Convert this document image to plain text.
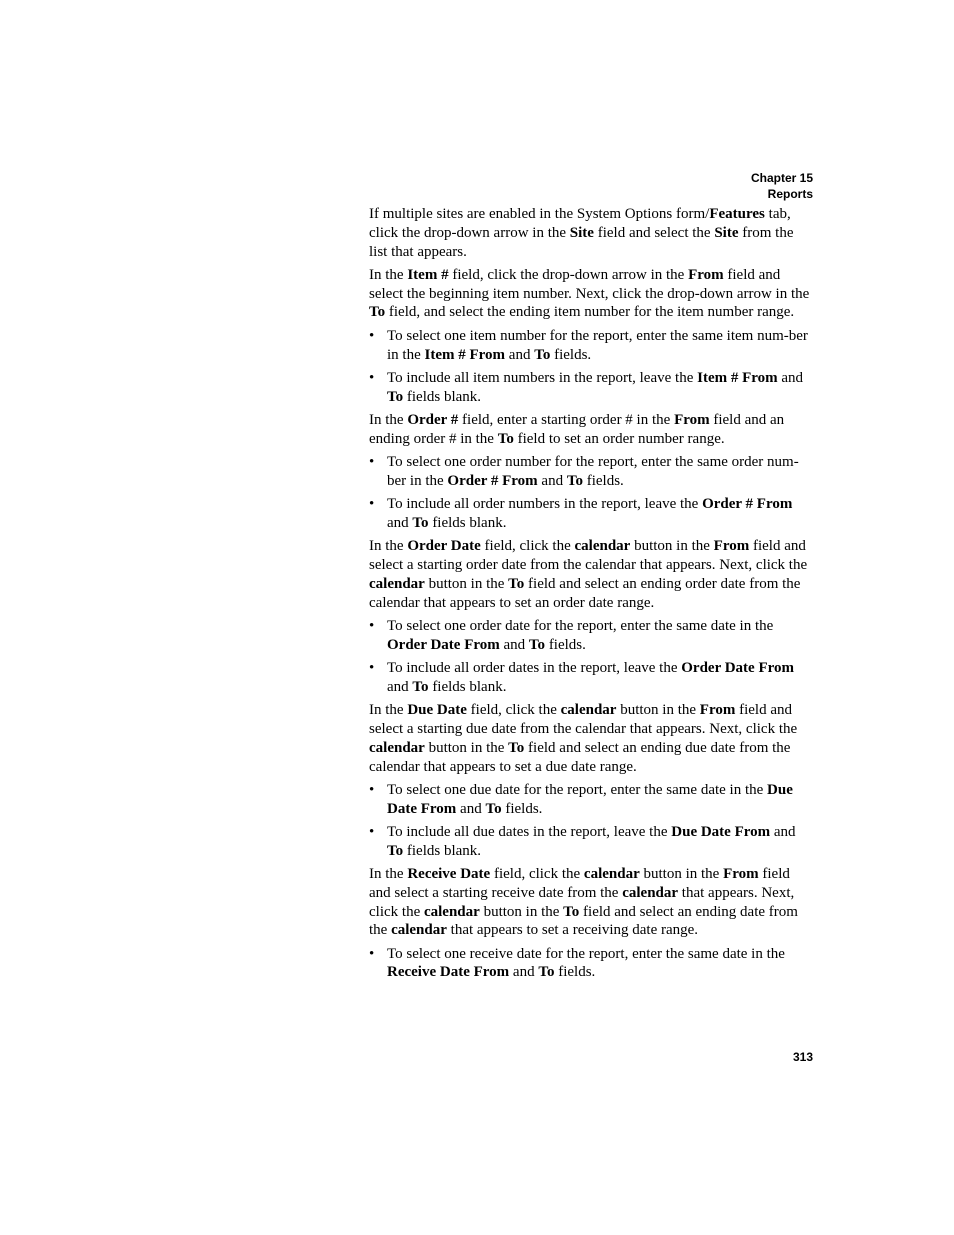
Chapter 15
Reports
If multiple sites are enabled in the System Options form/Features tab, click the drop-down arrow in the Site field and select the Site from the list that appears.
In the Item # field, click the drop-down arrow in the From field and select the beginning item number. Next, click the drop-down arrow in the To field, and select the ending item number for the item number range.
• To select one item number for the report, enter the same item num-ber in the Item # From and To fields.
• To include all item numbers in the report, leave the Item # From and To fields blank.
In the Order # field, enter a starting order # in the From field and an ending order # in the To field to set an order number range.
• To select one order number for the report, enter the same order num-ber in the Order # From and To fields.
• To include all order numbers in the report, leave the Order # From and To fields blank.
In the Order Date field, click the calendar button in the From field and select a starting order date from the calendar that appears. Next, click the calendar button in the To field and select an ending order date from the calendar that appears to set an order date range.
• To select one order date for the report, enter the same date in the Order Date From and To fields.
• To include all order dates in the report, leave the Order Date From and To fields blank.
In the Due Date field, click the calendar button in the From field and select a starting due date from the calendar that appears. Next, click the calendar button in the To field and select an ending due date from the calendar that appears to set a due date range.
• To select one due date for the report, enter the same date in the Due Date From and To fields.
• To include all due dates in the report, leave the Due Date From and To fields blank.
In the Receive Date field, click the calendar button in the From field and select a starting receive date from the calendar that appears. Next, click the calendar button in the To field and select an ending date from the calendar that appears to set a receiving date range.
• To select one receive date for the report, enter the same date in the Receive Date From and To fields.
313
